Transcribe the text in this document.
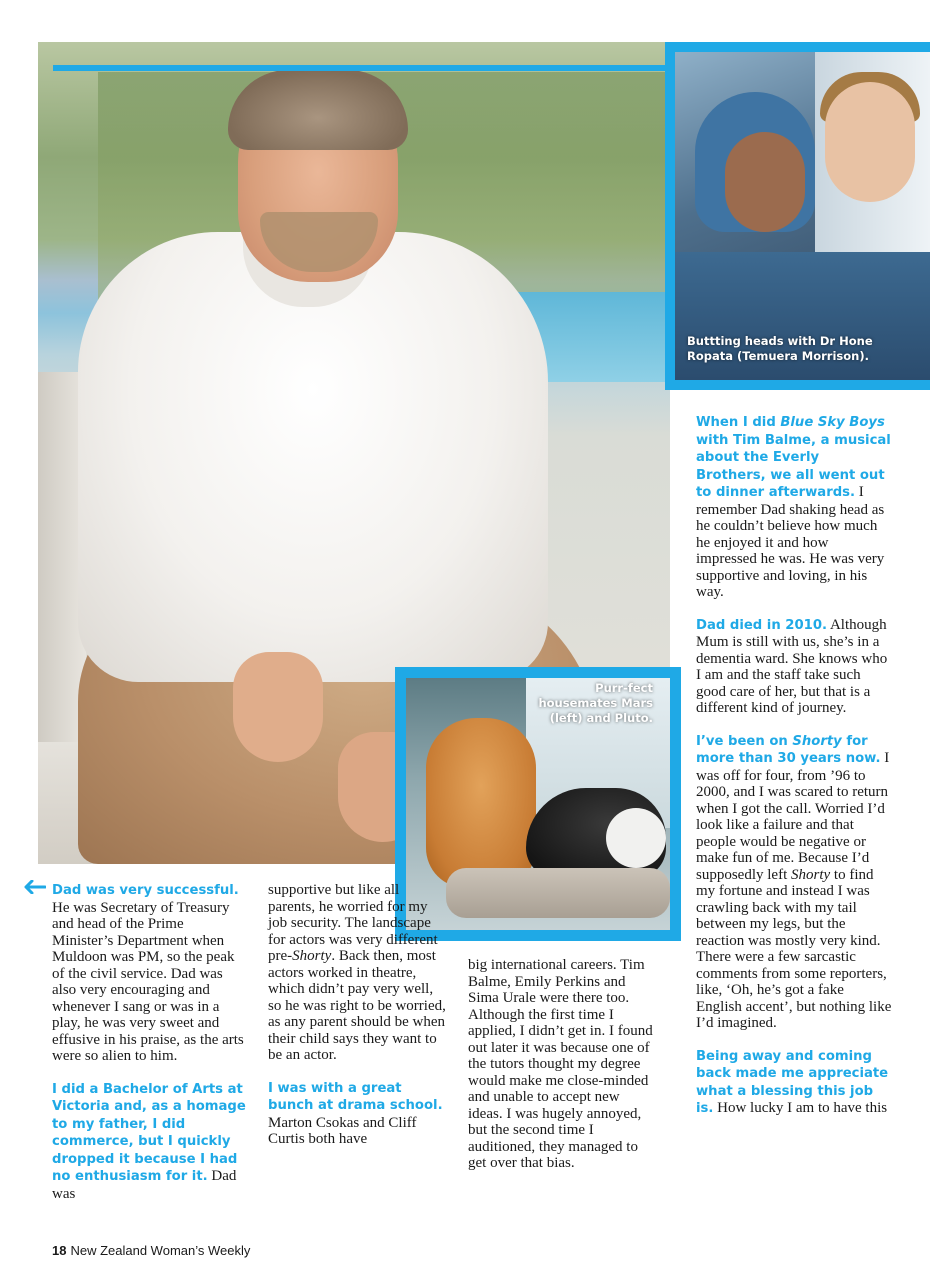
Buttting heads with Dr Hone Ropata (Temuera Morrison).
Purr-fect housemates Mars (left) and Pluto.

Dad was very successful. He was Secretary of Treasury and head of the Prime Minister’s Department when Muldoon was PM, so the peak of the civil service. Dad was also very encouraging and whenever I sang or was in a play, he was very sweet and effusive in his praise, as the arts were so alien to him.

I did a Bachelor of Arts at Victoria and, as a homage to my father, I did commerce, but I quickly dropped it because I had no enthusiasm for it. Dad was

supportive but like all parents, he worried for my job security. The landscape for actors was very different pre-Shorty. Back then, most actors worked in theatre, which didn’t pay very well, so he was right to be worried, as any parent should be when their child says they want to be an actor.

I was with a great bunch at drama school. Marton Csokas and Cliff Curtis both have

big international careers. Tim Balme, Emily Perkins and Sima Urale were there too. Although the first time I applied, I didn’t get in. I found out later it was because one of the tutors thought my degree would make me close-minded and unable to accept new ideas. I was hugely annoyed, but the second time I auditioned, they managed to get over that bias.

When I did Blue Sky Boys with Tim Balme, a musical about the Everly Brothers, we all went out to dinner afterwards. I remember Dad shaking head as he couldn’t believe how much he enjoyed it and how impressed he was. He was very supportive and loving, in his way.

Dad died in 2010. Although Mum is still with us, she’s in a dementia ward. She knows who I am and the staff take such good care of her, but that is a different kind of journey.

I’ve been on Shorty for more than 30 years now. I was off for four, from ’96 to 2000, and I was scared to return when I got the call. Worried I’d look like a failure and that people would be negative or make fun of me. Because I’d supposedly left Shorty to find my fortune and instead I was crawling back with my tail between my legs, but the reaction was mostly very kind. There were a few sarcastic comments from some reporters, like, ‘Oh, he’s got a fake English accent’, but nothing like I’d imagined.

Being away and coming back made me appreciate what a blessing this job is. How lucky I am to have this

18 New Zealand Woman’s Weekly
